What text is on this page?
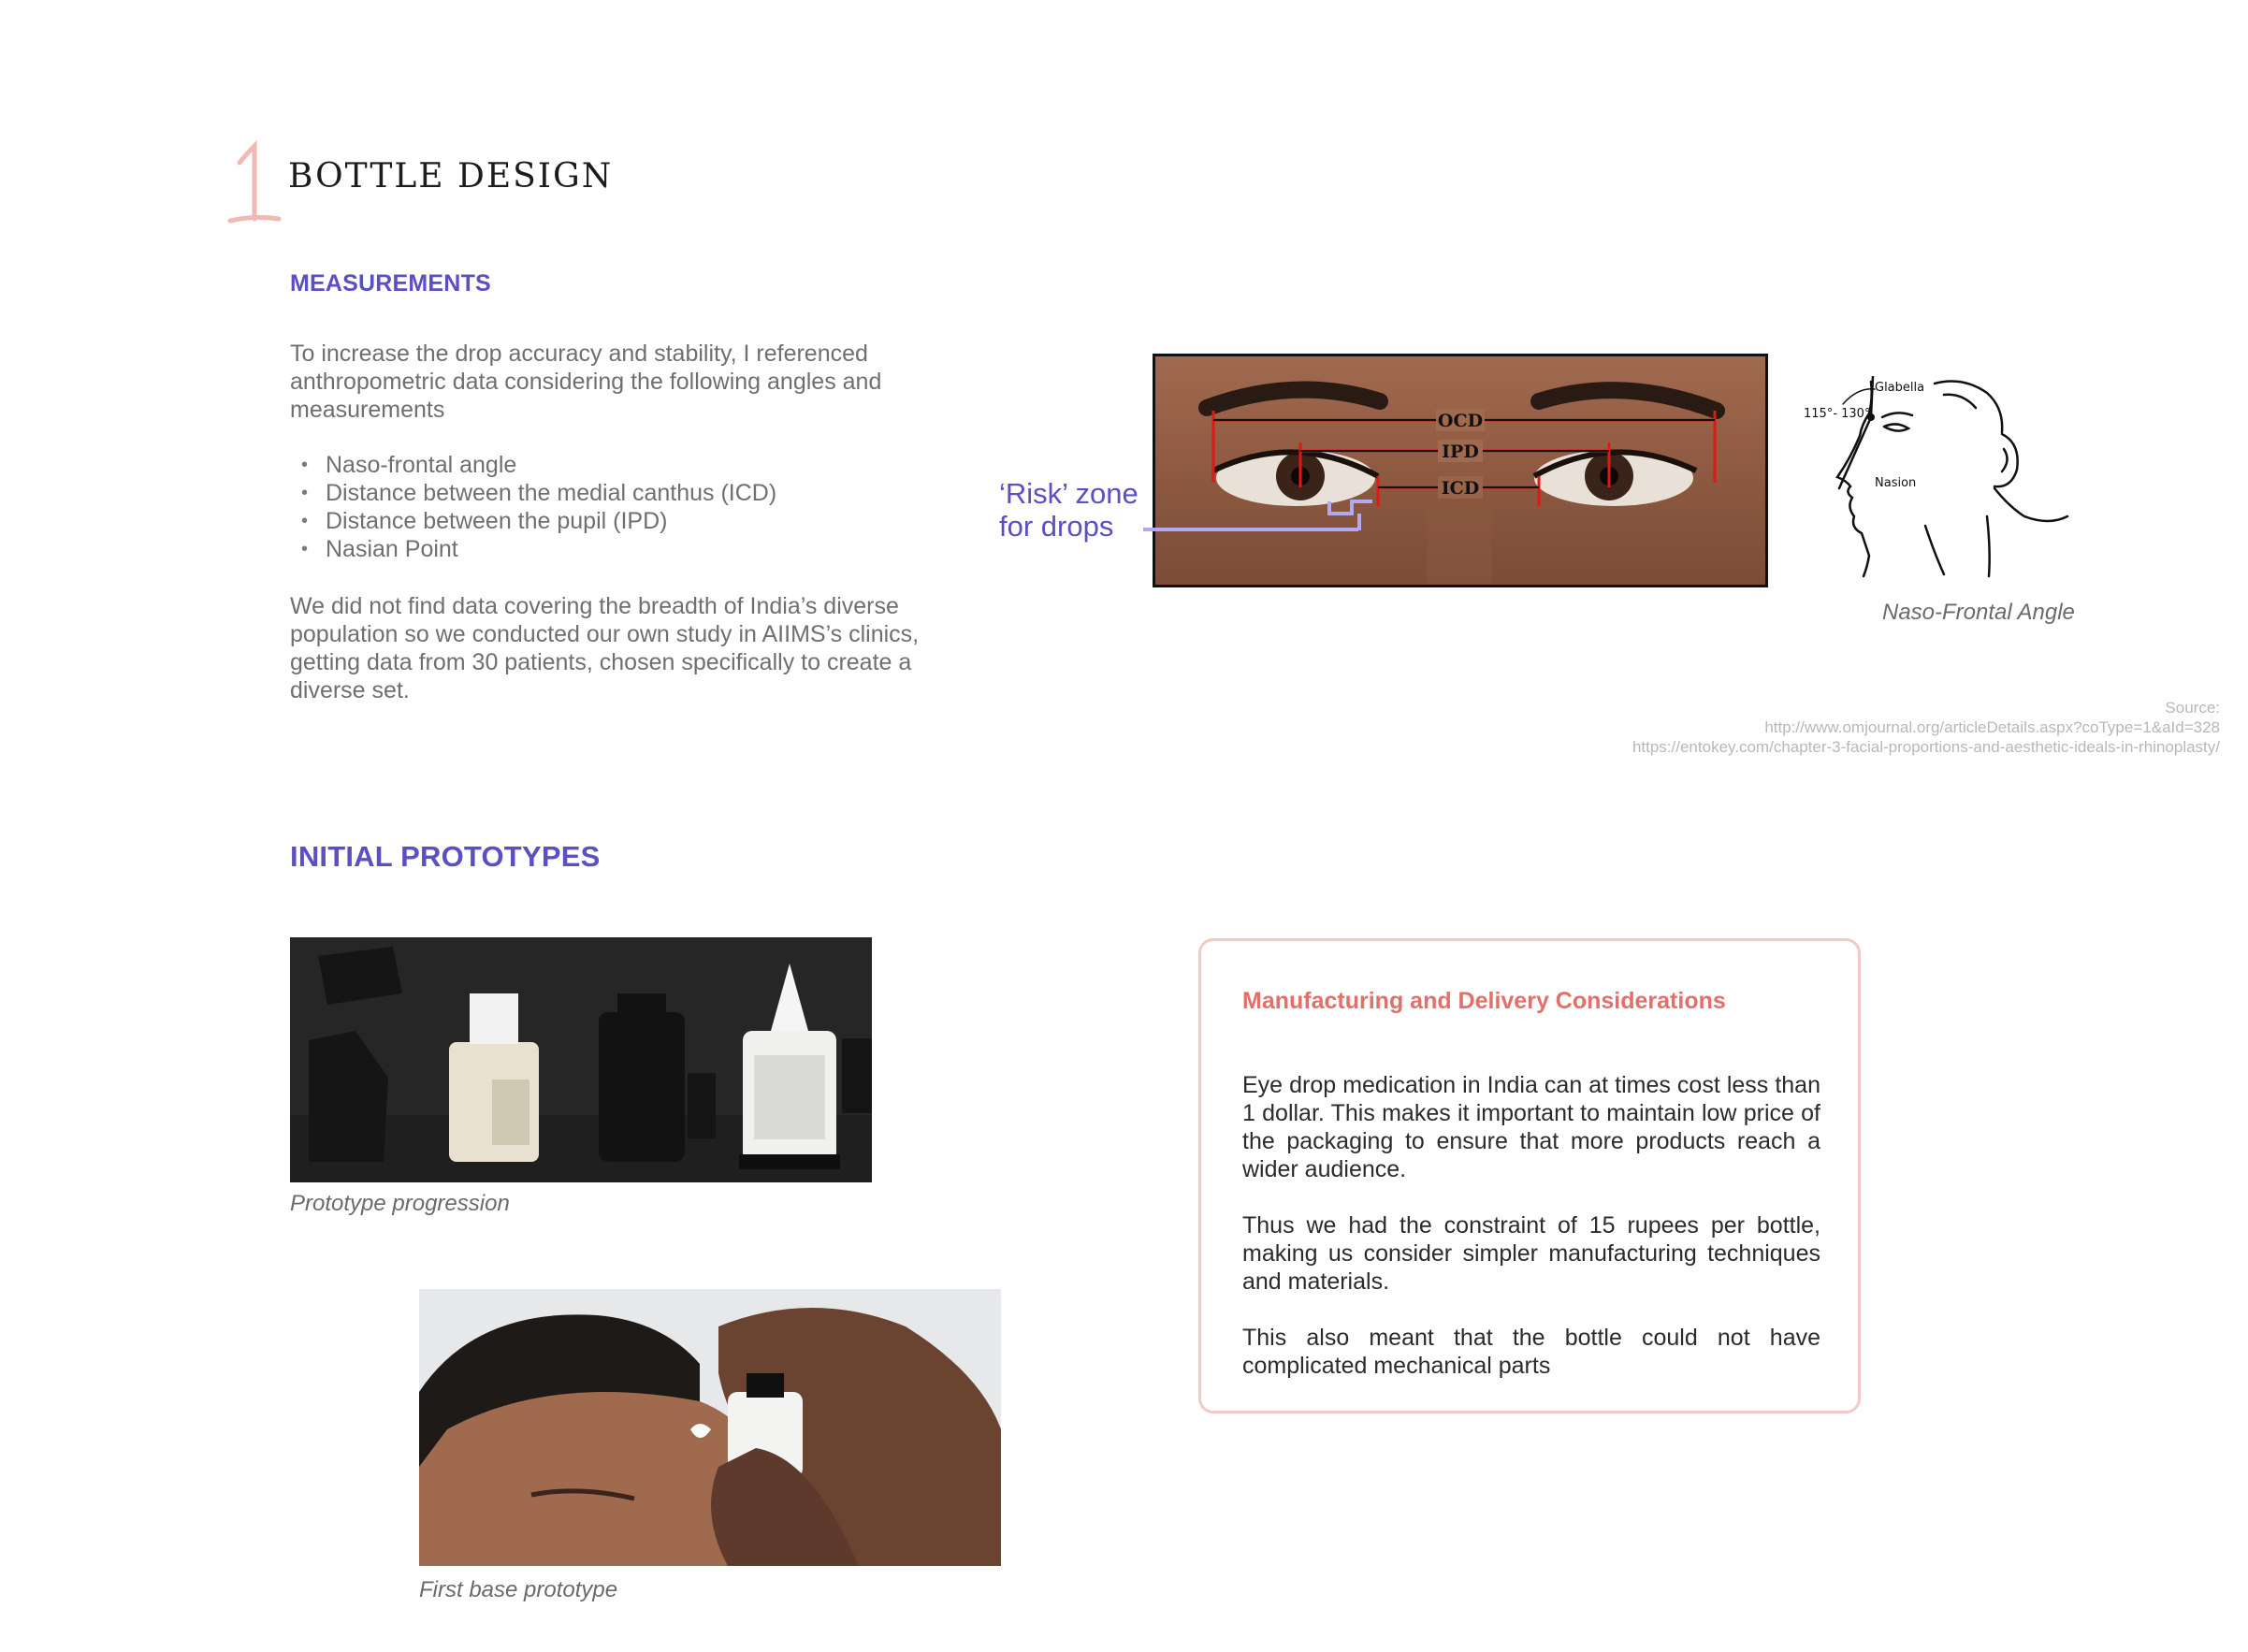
BOTTLE DESIGN
MEASUREMENTS
To increase the drop accuracy and stability, I referenced anthropometric data considering the following angles and measurements
• Naso-frontal angle
• Distance between the medial canthus (ICD)
• Distance between the pupil (IPD)
• Nasian Point
We did not find data covering the breadth of India’s diverse population so we conducted our own study in AIIMS’s clinics, getting data from 30 patients, chosen specifically to create a diverse set.
OCD
IPD
ICD
‘Risk’ zone
for drops
Glabella
115°- 130°
Nasion
Naso-Frontal Angle
Source:
http://www.omjournal.org/articleDetails.aspx?coType=1&aId=328
https://entokey.com/chapter-3-facial-proportions-and-aesthetic-ideals-in-rhinoplasty/
INITIAL PROTOTYPES
Prototype progression
First base prototype
Manufacturing and Delivery Considerations

Eye drop medication in India can at times cost less than 1 dollar. This makes it important to maintain low price of the packaging to ensure that more products reach a wider audience.

Thus we had the constraint of 15 rupees per bottle, making us consider simpler manufacturing techniques and materials.

This also meant that the bottle could not have complicated mechanical parts
